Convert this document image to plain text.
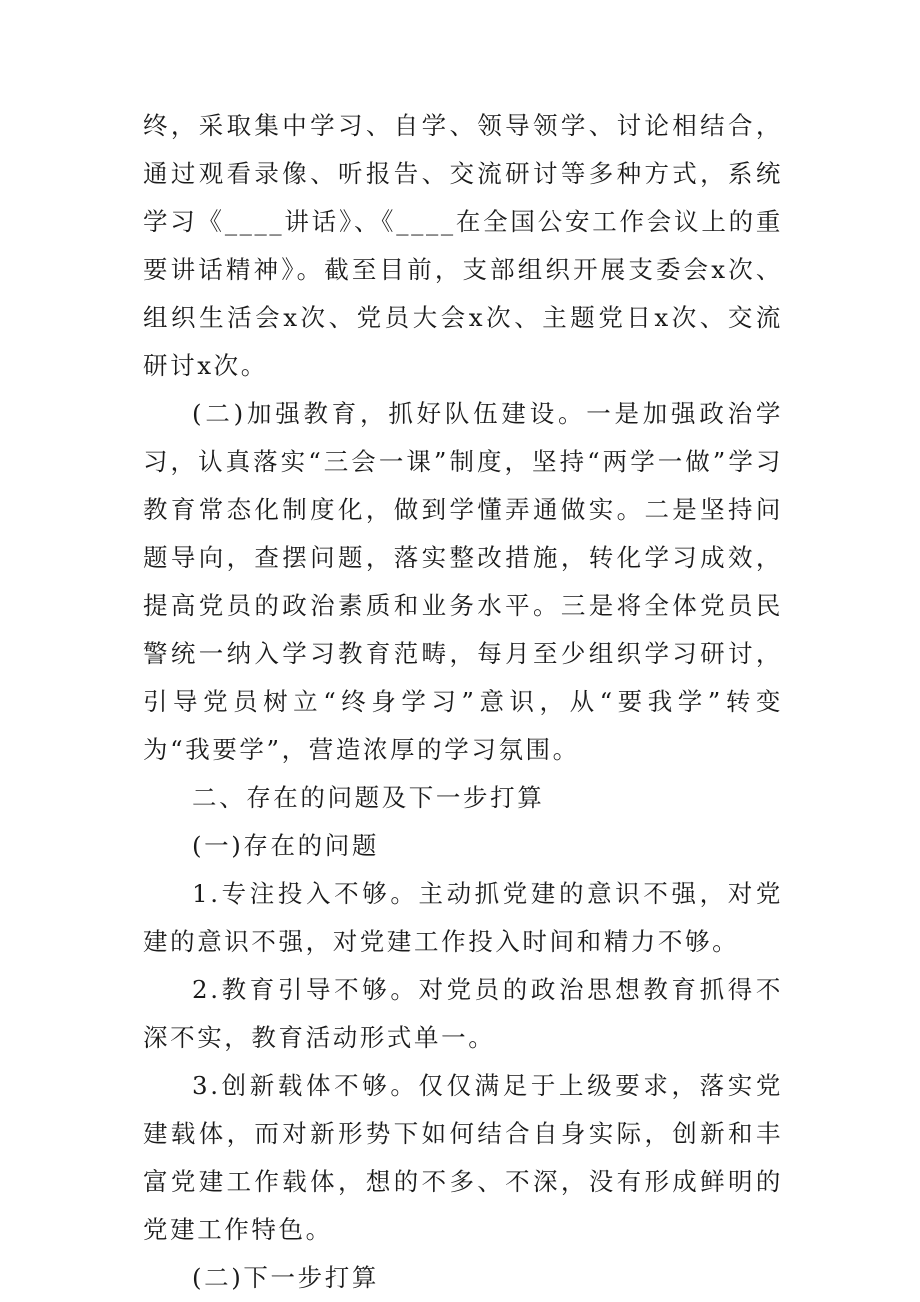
终，采取集中学习、自学、领导领学、讨论相结合，通过观看录像、听报告、交流研讨等多种方式，系统学习《____讲话》、《____在全国公安工作会议上的重要讲话精神》。截至目前，支部组织开展支委会x次、组织生活会x次、党员大会x次、主题党日x次、交流研讨x次。

(二)加强教育，抓好队伍建设。一是加强政治学习，认真落实“三会一课”制度，坚持“两学一做”学习教育常态化制度化，做到学懂弄通做实。二是坚持问题导向，查摆问题，落实整改措施，转化学习成效，提高党员的政治素质和业务水平。三是将全体党员民警统一纳入学习教育范畴，每月至少组织学习研讨，引导党员树立“终身学习”意识，从“要我学”转变为“我要学”，营造浓厚的学习氛围。

二、存在的问题及下一步打算

(一)存在的问题

1.专注投入不够。主动抓党建的意识不强，对党建的意识不强，对党建工作投入时间和精力不够。

2.教育引导不够。对党员的政治思想教育抓得不深不实，教育活动形式单一。

3.创新载体不够。仅仅满足于上级要求，落实党建载体，而对新形势下如何结合自身实际，创新和丰富党建工作载体，想的不多、不深，没有形成鲜明的党建工作特色。

(二)下一步打算
